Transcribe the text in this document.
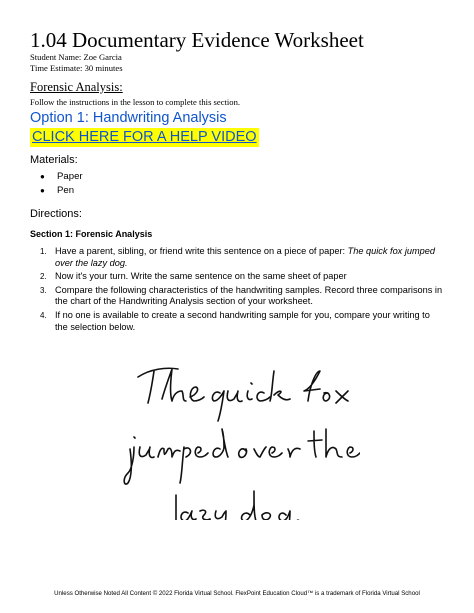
1.04 Documentary Evidence Worksheet
Student Name: Zoe Garcia
Time Estimate: 30 minutes
Forensic Analysis:
Follow the instructions in the lesson to complete this section.
Option 1: Handwriting Analysis
CLICK HERE FOR A HELP VIDEO
Materials:
● Paper
● Pen
Directions:
Section 1: Forensic Analysis
1. Have a parent, sibling, or friend write this sentence on a piece of paper: The quick fox jumped over the lazy dog.
2. Now it's your turn. Write the same sentence on the same sheet of paper
3. Compare the following characteristics of the handwriting samples. Record three comparisons in the chart of the Handwriting Analysis section of your worksheet.
4. If no one is available to create a second handwriting sample for you, compare your writing to the selection below.
Unless Otherwise Noted All Content © 2022 Florida Virtual School. FlexPoint Education Cloud™ is a trademark of Florida Virtual School
